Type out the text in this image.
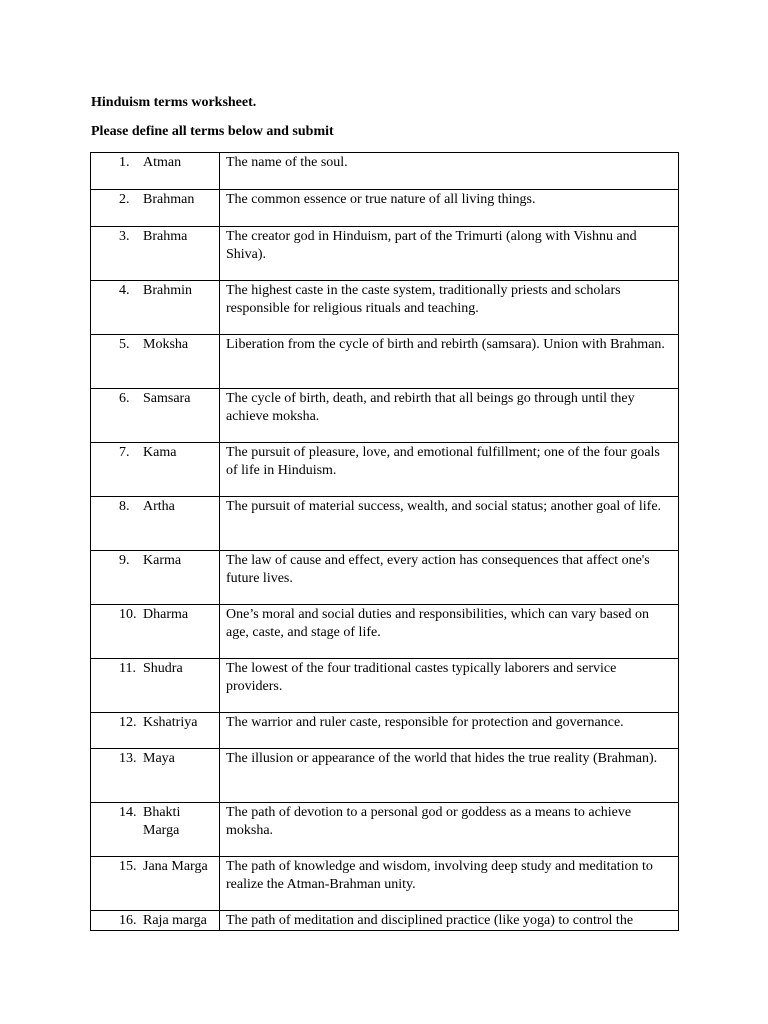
Hinduism terms worksheet.
Please define all terms below and submit
1. Atman	The name of the soul.

2. Brahman	The common essence or true nature of all living things.

3. Brahma	The creator god in Hinduism, part of the Trimurti (along with Vishnu and Shiva).

4. Brahmin	The highest caste in the caste system, traditionally priests and scholars responsible for religious rituals and teaching.

5. Moksha	Liberation from the cycle of birth and rebirth (samsara). Union with Brahman.

6. Samsara	The cycle of birth, death, and rebirth that all beings go through until they achieve moksha.

7. Kama	The pursuit of pleasure, love, and emotional fulfillment; one of the four goals of life in Hinduism.

8. Artha	The pursuit of material success, wealth, and social status; another goal of life.

9. Karma	The law of cause and effect, every action has consequences that affect one's future lives.

10. Dharma	One’s moral and social duties and responsibilities, which can vary based on age, caste, and stage of life.

11. Shudra	The lowest of the four traditional castes typically laborers and service providers.

12. Kshatriya	The warrior and ruler caste, responsible for protection and governance.

13. Maya	The illusion or appearance of the world that hides the true reality (Brahman).

14. Bhakti Marga	The path of devotion to a personal god or goddess as a means to achieve moksha.

15. Jana Marga	The path of knowledge and wisdom, involving deep study and meditation to realize the Atman-Brahman unity.

16. Raja marga	The path of meditation and disciplined practice (like yoga) to control the
